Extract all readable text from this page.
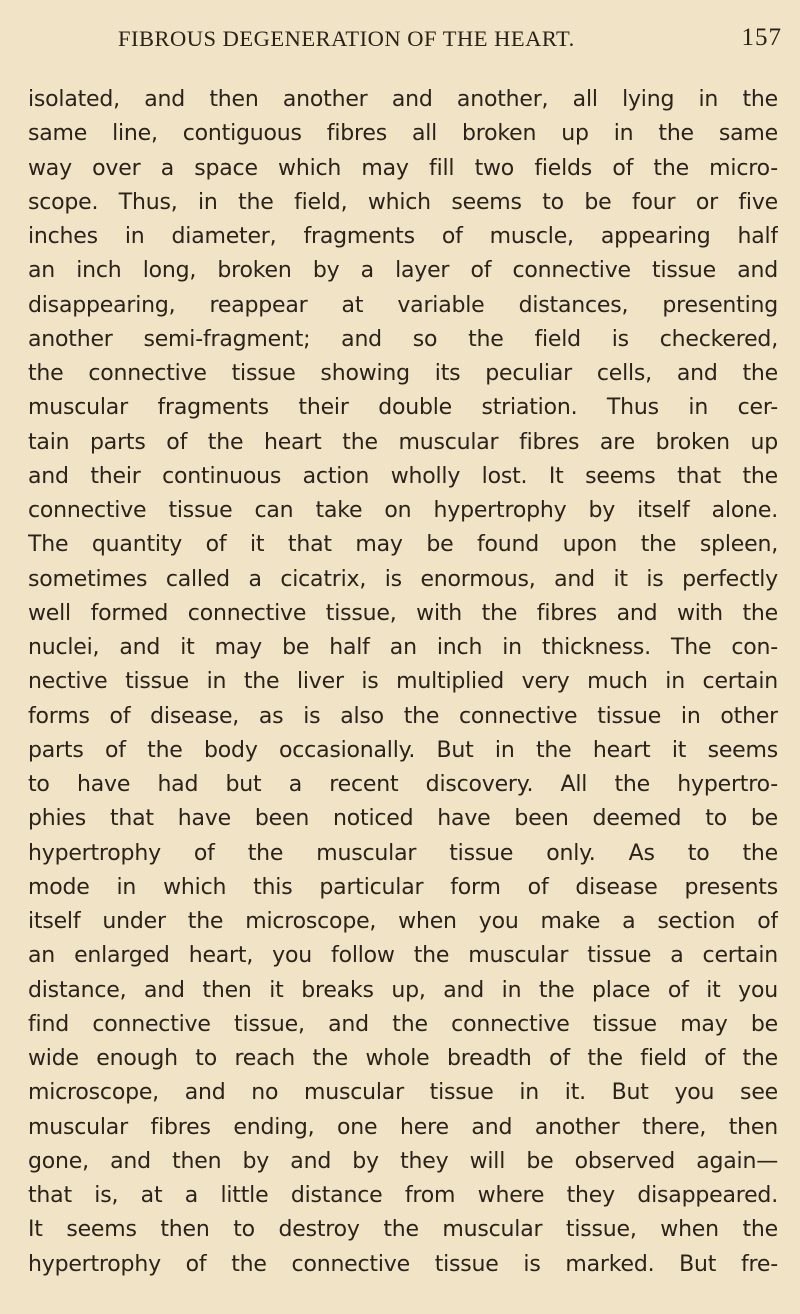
FIBROUS DEGENERATION OF THE HEART.	157
isolated, and then another and another, all lying in the
same line, contiguous fibres all broken up in the same
way over a space which may fill two fields of the micro-
scope. Thus, in the field, which seems to be four or five
inches in diameter, fragments of muscle, appearing half
an inch long, broken by a layer of connective tissue and
disappearing, reappear at variable distances, presenting
another semi-fragment; and so the field is checkered,
the connective tissue showing its peculiar cells, and the
muscular fragments their double striation. Thus in cer-
tain parts of the heart the muscular fibres are broken up
and their continuous action wholly lost. It seems that the
connective tissue can take on hypertrophy by itself alone.
The quantity of it that may be found upon the spleen,
sometimes called a cicatrix, is enormous, and it is perfectly
well formed connective tissue, with the fibres and with the
nuclei, and it may be half an inch in thickness. The con-
nective tissue in the liver is multiplied very much in certain
forms of disease, as is also the connective tissue in other
parts of the body occasionally. But in the heart it seems
to have had but a recent discovery. All the hypertro-
phies that have been noticed have been deemed to be
hypertrophy of the muscular tissue only. As to the
mode in which this particular form of disease presents
itself under the microscope, when you make a section of
an enlarged heart, you follow the muscular tissue a certain
distance, and then it breaks up, and in the place of it you
find connective tissue, and the connective tissue may be
wide enough to reach the whole breadth of the field of the
microscope, and no muscular tissue in it. But you see
muscular fibres ending, one here and another there, then
gone, and then by and by they will be observed again—
that is, at a little distance from where they disappeared.
It seems then to destroy the muscular tissue, when the
hypertrophy of the connective tissue is marked. But fre-
